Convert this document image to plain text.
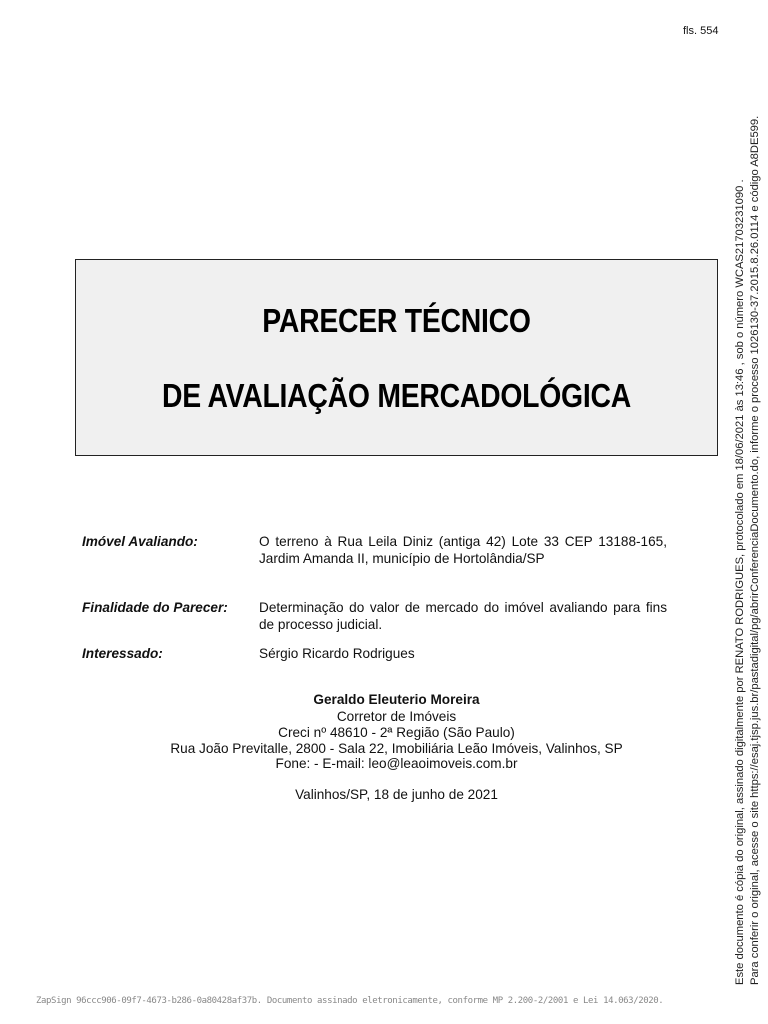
fls. 554
PARECER TÉCNICO
DE AVALIAÇÃO MERCADOLÓGICA
Imóvel Avaliando:	O terreno à Rua Leila Diniz (antiga 42) Lote 33 CEP 13188-165, Jardim Amanda II, município de Hortolândia/SP
Finalidade do Parecer: Determinação do valor de mercado do imóvel avaliando para fins de processo judicial.
Interessado:	Sérgio Ricardo Rodrigues
Geraldo Eleuterio Moreira
Corretor de Imóveis
Creci nº 48610 - 2ª Região (São Paulo)
Rua João Previtalle, 2800 - Sala 22, Imobiliária Leão Imóveis, Valinhos, SP
Fone: - E-mail: leo@leaoimoveis.com.br
Valinhos/SP, 18 de junho de 2021
ZapSign 96ccc906-09f7-4673-b286-0a80428af37b. Documento assinado eletronicamente, conforme MP 2.200-2/2001 e Lei 14.063/2020.
Este documento é cópia do original, assinado digitalmente por RENATO RODRIGUES, protocolado em 18/06/2021 às 13:46 , sob o número WCAS21703231090 . Para conferir o original, acesse o site https://esaj.tjsp.jus.br/pastadigital/pg/abrirConferenciaDocumento.do, informe o processo 1026130-37.2015.8.26.0114 e código A8DE599.
